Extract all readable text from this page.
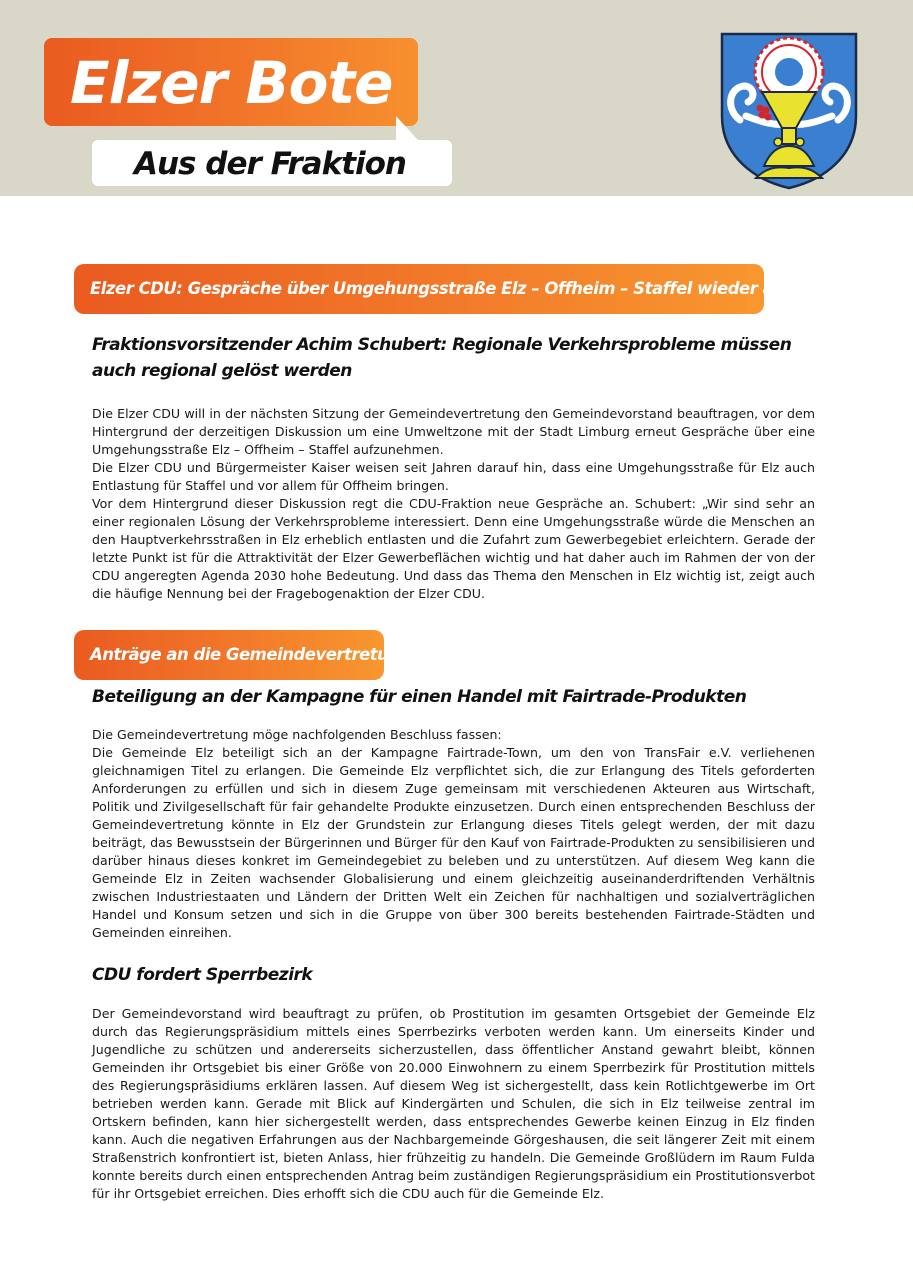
Elzer Bote
Aus der Fraktion
Elzer CDU: Gespräche über Umgehungsstraße Elz – Offheim – Staffel wieder aufnehmen
Fraktionsvorsitzender Achim Schubert: Regionale Verkehrsprobleme müssen auch regional gelöst werden

Die Elzer CDU will in der nächsten Sitzung der Gemeindevertretung den Gemeindevorstand beauftragen, vor dem Hintergrund der derzeitigen Diskussion um eine Umweltzone mit der Stadt Limburg erneut Gespräche über eine Umgehungsstraße Elz – Offheim – Staffel aufzunehmen.

Die Elzer CDU und Bürgermeister Kaiser weisen seit Jahren darauf hin, dass eine Umgehungsstraße für Elz auch Entlastung für Staffel und vor allem für Offheim bringen.

Vor dem Hintergrund dieser Diskussion regt die CDU-Fraktion neue Gespräche an. Schubert: „Wir sind sehr an einer regionalen Lösung der Verkehrsprobleme interessiert. Denn eine Umgehungsstraße würde die Menschen an den Hauptverkehrsstraßen in Elz erheblich entlasten und die Zufahrt zum Gewerbegebiet erleichtern. Gerade der letzte Punkt ist für die Attraktivität der Elzer Gewerbeflächen wichtig und hat daher auch im Rahmen der von der CDU angeregten Agenda 2030 hohe Bedeutung. Und dass das Thema den Menschen in Elz wichtig ist, zeigt auch die häufige Nennung bei der Fragebogenaktion der Elzer CDU.

Anträge an die Gemeindevertretung
Beteiligung an der Kampagne für einen Handel mit Fairtrade-Produkten

Die Gemeindevertretung möge nachfolgenden Beschluss fassen:

Die Gemeinde Elz beteiligt sich an der Kampagne Fairtrade-Town, um den von TransFair e.V. verliehenen gleichnamigen Titel zu erlangen. Die Gemeinde Elz verpflichtet sich, die zur Erlangung des Titels geforderten Anforderungen zu erfüllen und sich in diesem Zuge gemeinsam mit verschiedenen Akteuren aus Wirtschaft, Politik und Zivilgesellschaft für fair gehandelte Produkte einzusetzen. Durch einen entsprechenden Beschluss der Gemeindevertretung könnte in Elz der Grundstein zur Erlangung dieses Titels gelegt werden, der mit dazu beiträgt, das Bewusstsein der Bürgerinnen und Bürger für den Kauf von Fairtrade-Produkten zu sensibilisieren und darüber hinaus dieses konkret im Gemeindegebiet zu beleben und zu unterstützen. Auf diesem Weg kann die Gemeinde Elz in Zeiten wachsender Globalisierung und einem gleichzeitig auseinanderdriftenden Verhältnis zwischen Industriestaaten und Ländern der Dritten Welt ein Zeichen für nachhaltigen und sozialverträglichen Handel und Konsum setzen und sich in die Gruppe von über 300 bereits bestehenden Fairtrade-Städten und Gemeinden einreihen.

CDU fordert Sperrbezirk

Der Gemeindevorstand wird beauftragt zu prüfen, ob Prostitution im gesamten Ortsgebiet der Gemeinde Elz durch das Regierungspräsidium mittels eines Sperrbezirks verboten werden kann. Um einerseits Kinder und Jugendliche zu schützen und andererseits sicherzustellen, dass öffentlicher Anstand gewahrt bleibt, können Gemeinden ihr Ortsgebiet bis einer Größe von 20.000 Einwohnern zu einem Sperrbezirk für Prostitution mittels des Regierungspräsidiums erklären lassen. Auf diesem Weg ist sichergestellt, dass kein Rotlichtgewerbe im Ort betrieben werden kann. Gerade mit Blick auf Kindergärten und Schulen, die sich in Elz teilweise zentral im Ortskern befinden, kann hier sichergestellt werden, dass entsprechendes Gewerbe keinen Einzug in Elz finden kann. Auch die negativen Erfahrungen aus der Nachbargemeinde Görgeshausen, die seit längerer Zeit mit einem Straßenstrich konfrontiert ist, bieten Anlass, hier frühzeitig zu handeln. Die Gemeinde Großlüdern im Raum Fulda konnte bereits durch einen entsprechenden Antrag beim zuständigen Regierungspräsidium ein Prostitutionsverbot für ihr Ortsgebiet erreichen. Dies erhofft sich die CDU auch für die Gemeinde Elz.
